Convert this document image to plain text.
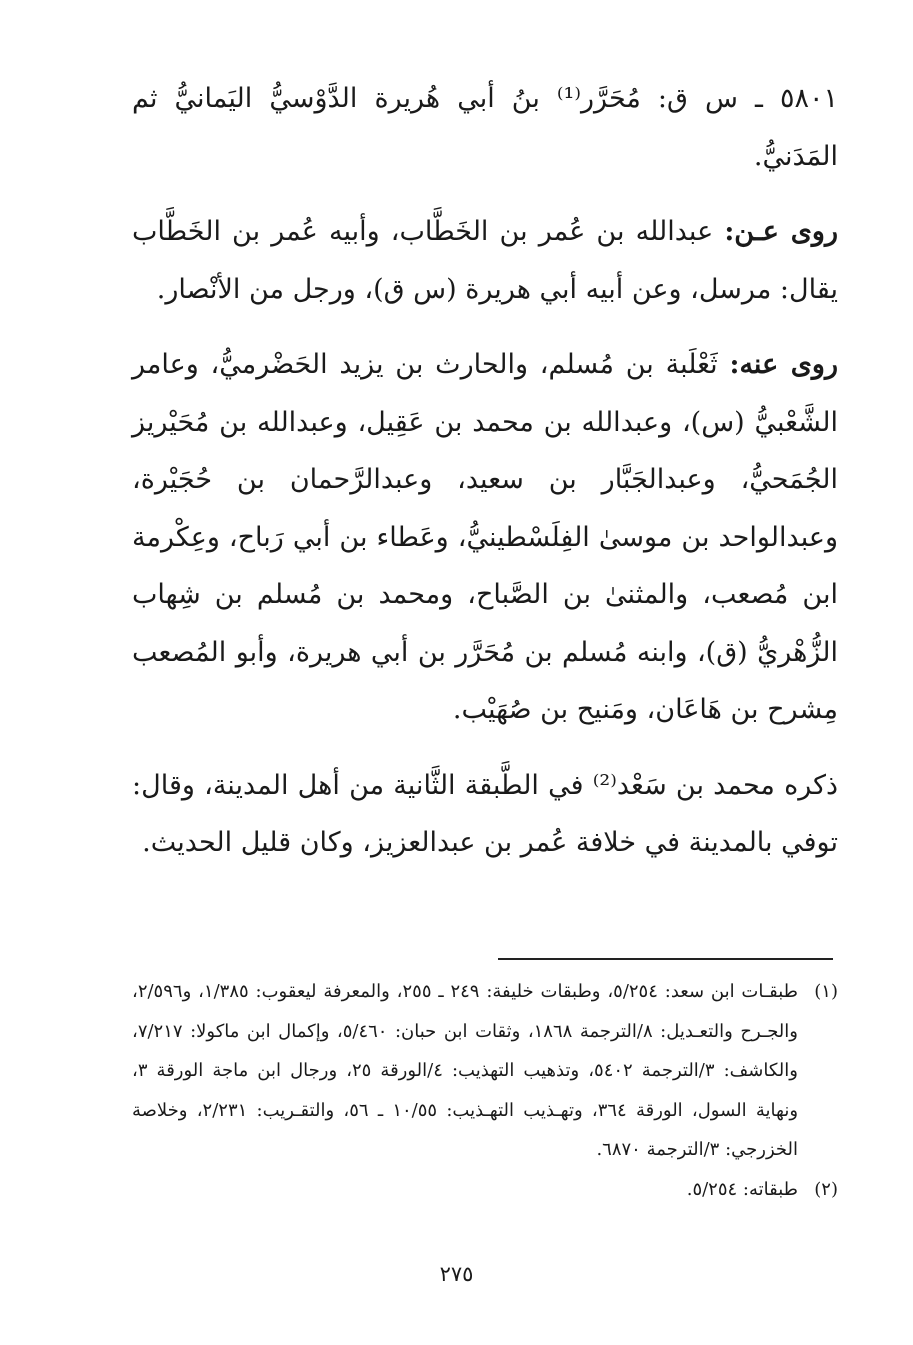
٥٨٠١ ـ س ق: مُحَرَّر⁽¹⁾ بنُ أبي هُريرة الدَّوْسيُّ اليَمانيُّ ثم المَدَنيُّ.

روى عـن: عبدالله بن عُمر بن الخَطَّاب، وأبيه عُمر بن الخَطَّاب يقال: مرسل، وعن أبيه أبي هريرة (س ق)، ورجل من الأنْصار.

روى عنه: ثَعْلَبة بن مُسلم، والحارث بن يزيد الحَضْرميُّ، وعامر الشَّعْبيُّ (س)، وعبدالله بن محمد بن عَقِيل، وعبدالله بن مُحَيْريز الجُمَحيُّ، وعبدالجَبَّار بن سعيد، وعبدالرَّحمان بن حُجَيْرة، وعبدالواحد بن موسىٰ الفِلَسْطينيُّ، وعَطاء بن أبي رَباح، وعِكْرمة ابن مُصعب، والمثنىٰ بن الصَّباح، ومحمد بن مُسلم بن شِهاب الزُّهْريُّ (ق)، وابنه مُسلم بن مُحَرَّر بن أبي هريرة، وأبو المُصعب مِشرح بن هَاعَان، ومَنيح بن صُهَيْب.

ذكره محمد بن سَعْد⁽²⁾ في الطَّبقة الثَّانية من أهل المدينة، وقال: توفي بالمدينة في خلافة عُمر بن عبدالعزيز، وكان قليل الحديث.

(١)
طبقـات ابن سعد: ٥/٢٥٤، وطبقات خليفة: ٢٤٩ ـ ٢٥٥، والمعرفة ليعقوب: ١/٣٨٥، و٢/٥٩٦، والجـرح والتعـديل: ٨/الترجمة ١٨٦٨، وثقات ابن حبان: ٥/٤٦٠، وإكمال ابن ماكولا: ٧/٢١٧، والكاشف: ٣/الترجمة ٥٤٠٢، وتذهيب التهذيب: ٤/الورقة ٢٥، ورجال ابن ماجة الورقة ٣، ونهاية السول، الورقة ٣٦٤، وتهـذيب التهـذيب: ١٠/٥٥ ـ ٥٦، والتقـريب: ٢/٢٣١، وخلاصة الخزرجي: ٣/الترجمة ٦٨٧٠.
(٢)
طبقاته: ٥/٢٥٤.
٢٧٥
